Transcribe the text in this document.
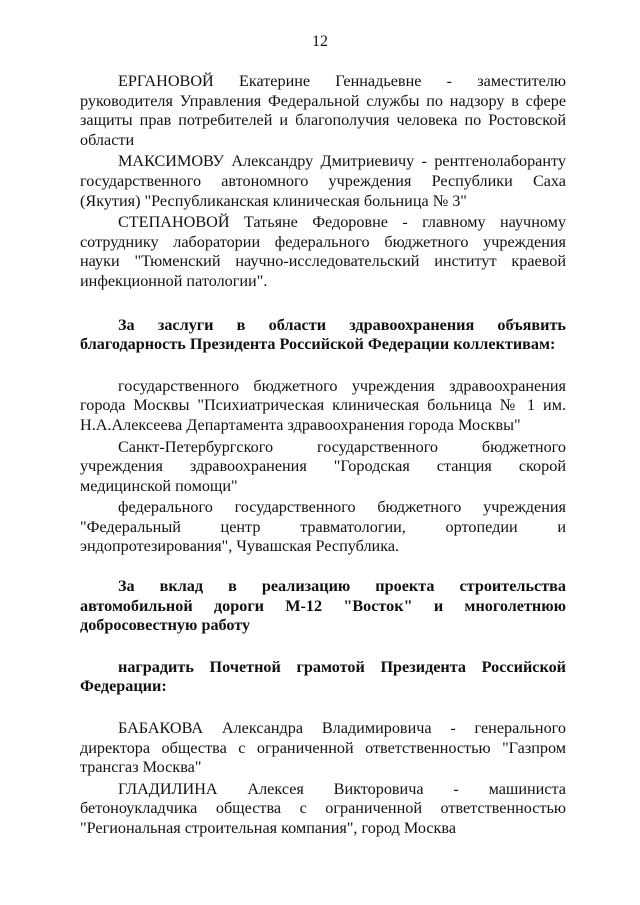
12

ЕРГАНОВОЙ Екатерине Геннадьевне - заместителю руководителя Управления Федеральной службы по надзору в сфере защиты прав потребителей и благополучия человека по Ростовской области

МАКСИМОВУ Александру Дмитриевичу - рентгенолаборанту государственного автономного учреждения Республики Саха (Якутия) "Республиканская клиническая больница № 3"

СТЕПАНОВОЙ Татьяне Федоровне - главному научному сотруднику лаборатории федерального бюджетного учреждения науки "Тюменский научно-исследовательский институт краевой инфекционной патологии".

За заслуги в области здравоохранения объявить благодарность Президента Российской Федерации коллективам:

государственного бюджетного учреждения здравоохранения города Москвы "Психиатрическая клиническая больница № 1 им. Н.А.Алексеева Департамента здравоохранения города Москвы"

Санкт-Петербургского государственного бюджетного учреждения здравоохранения "Городская станция скорой медицинской помощи"

федерального государственного бюджетного учреждения "Федеральный центр травматологии, ортопедии и эндопротезирования", Чувашская Республика.

За вклад в реализацию проекта строительства автомобильной дороги М-12 "Восток" и многолетнюю добросовестную работу

наградить Почетной грамотой Президента Российской Федерации:

БАБАКОВА Александра Владимировича - генерального директора общества с ограниченной ответственностью "Газпром трансгаз Москва"

ГЛАДИЛИНА Алексея Викторовича - машиниста бетоноукладчика общества с ограниченной ответственностью "Региональная строительная компания", город Москва
